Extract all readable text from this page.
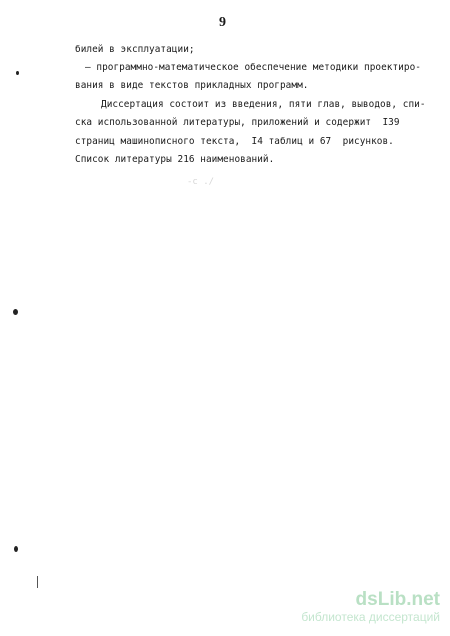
9
билей в эксплуатации;
– программно-математическое обеспечение методики проектиро-
вания в виде текстов прикладных программ.
Диссертация состоит из введения, пяти глав, выводов, спи-
ска использованной литературы, приложений и содержит  I39
страниц машинописного текста,  I4 таблиц и 67  рисунков.
Список литературы 216 наименований.
-с ./
dsLib.net
библиотека диссертаций
